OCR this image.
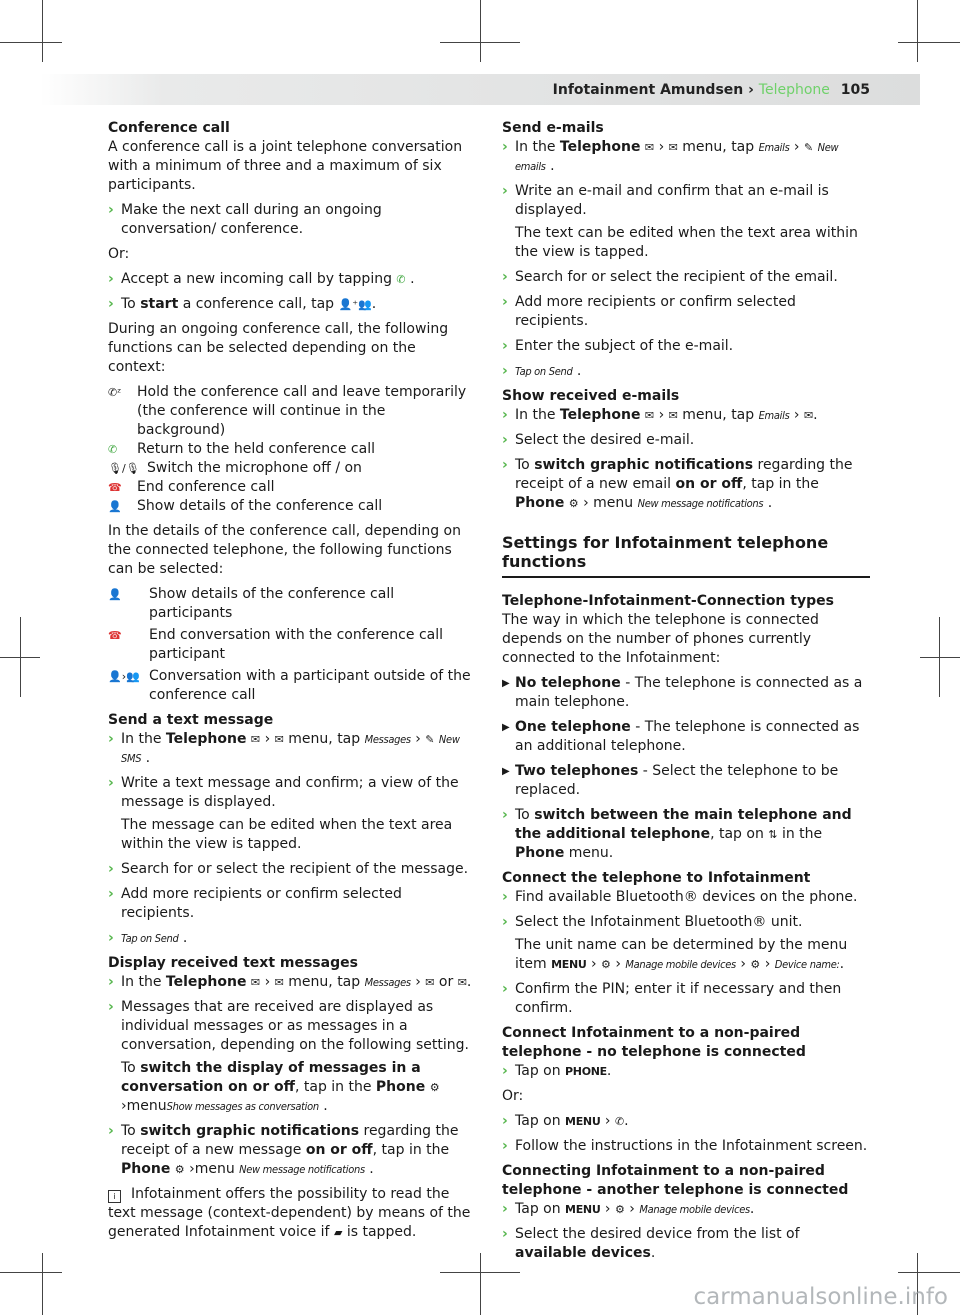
Infotainment Amundsen › Telephone 105
Conference call
A conference call is a joint telephone conversation with a minimum of three and a maximum of six participants.
› Make the next call during an ongoing conversation/ conference.
Or:
› Accept a new incoming call by tapping ✆ .
› To start a conference call, tap 👤⁺👥.
During an ongoing conference call, the following functions can be selected depending on the context:
✆ᶻ Hold the conference call and leave temporarily (the conference will continue in the background)
✆ Return to the held conference call
🎙/🎙 Switch the microphone off / on
☎ End conference call
👤 Show details of the conference call
In the details of the conference call, depending on the connected telephone, the following functions can be selected:
👤 Show details of the conference call participants
☎ End conversation with the conference call participant
👤›👥 Conversation with a participant outside of the conference call
Send a text message
› In the Telephone ✉ › ✉ menu, tap Messages › ✎ New SMS .
› Write a text message and confirm; a view of the message is displayed.
The message can be edited when the text area within the view is tapped.
› Search for or select the recipient of the message.
› Add more recipients or confirm selected recipients.
› Tap on Send .
Display received text messages
› In the Telephone ✉ › ✉ menu, tap Messages › ✉ or ✉.
› Messages that are received are displayed as individual messages or as messages in a conversation, depending on the following setting.
To switch the display of messages in a conversation on or off, tap in the Phone ⚙ ›menuShow messages as conversation .
› To switch graphic notifications regarding the receipt of a new message on or off, tap in the Phone ⚙ ›menu New message notifications .
i Infotainment offers the possibility to read the text message (context-dependent) by means of the generated Infotainment voice if ▰ is tapped.
Send e-mails
› In the Telephone ✉ › ✉ menu, tap Emails › ✎ New emails .
› Write an e-mail and confirm that an e-mail is displayed.
The text can be edited when the text area within the view is tapped.
› Search for or select the recipient of the email.
› Add more recipients or confirm selected recipients.
› Enter the subject of the e-mail.
› Tap on Send .
Show received e-mails
› In the Telephone ✉ › ✉ menu, tap Emails › ✉.
› Select the desired e-mail.
› To switch graphic notifications regarding the receipt of a new email on or off, tap in the Phone ⚙ › menu New message notifications .
Settings for Infotainment telephone functions
Telephone-Infotainment-Connection types
The way in which the telephone is connected depends on the number of phones currently connected to the Infotainment:
▶ No telephone - The telephone is connected as a main telephone.
▶ One telephone - The telephone is connected as an additional telephone.
▶ Two telephones - Select the telephone to be replaced.
› To switch between the main telephone and the additional telephone, tap on ⇅ in the Phone menu.
Connect the telephone to Infotainment
› Find available Bluetooth® devices on the phone.
› Select the Infotainment Bluetooth® unit.
The unit name can be determined by the menu item MENU › ⚙ › Manage mobile devices › ⚙ › Device name:.
› Confirm the PIN; enter it if necessary and then confirm.
Connect Infotainment to a non-paired telephone - no telephone is connected
› Tap on PHONE.
Or:
› Tap on MENU › ✆.
› Follow the instructions in the Infotainment screen.
Connecting Infotainment to a non-paired telephone - another telephone is connected
› Tap on MENU › ⚙ › Manage mobile devices.
› Select the desired device from the list of available devices.
carmanualsonline.info
